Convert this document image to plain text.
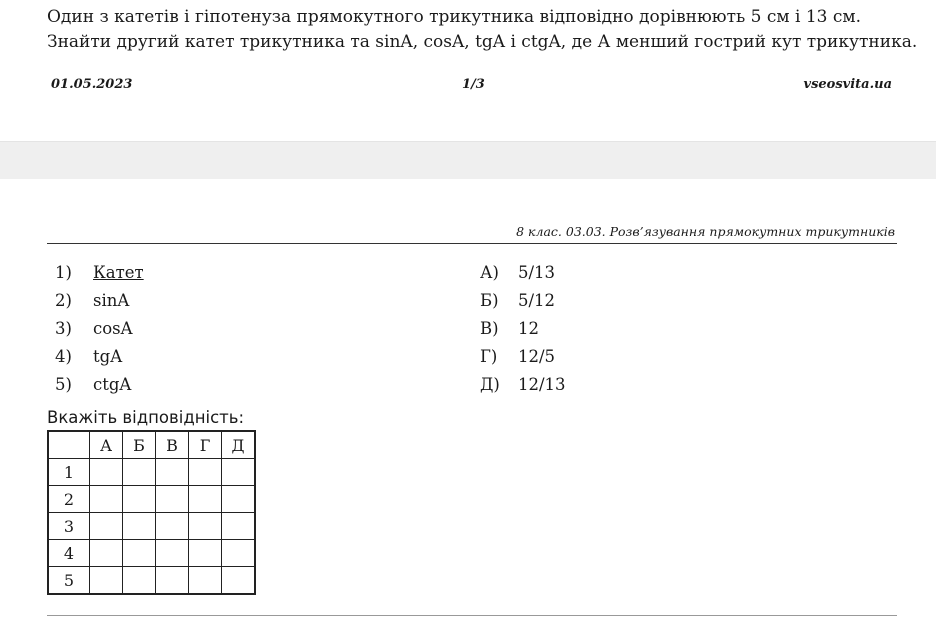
Один з катетів і гіпотенуза прямокутного трикутника відповідно дорівнюють 5 см і 13 см.
Знайти другий катет трикутника та sinA, cosA, tgA і ctgA, де А менший гострий кут трикутника.
01.05.2023	1/3	vseosvita.ua
8 клас. 03.03. Розв’язування прямокутних трикутників
1) Катет
2) sinA
3) cosA
4) tgA
5) ctgA
А) 5/13
Б) 5/12
В) 12
Г) 12/5
Д) 12/13
Вкажіть відповідність:
	А	Б	В	Г	Д
1					
2					
3					
4					
5					
